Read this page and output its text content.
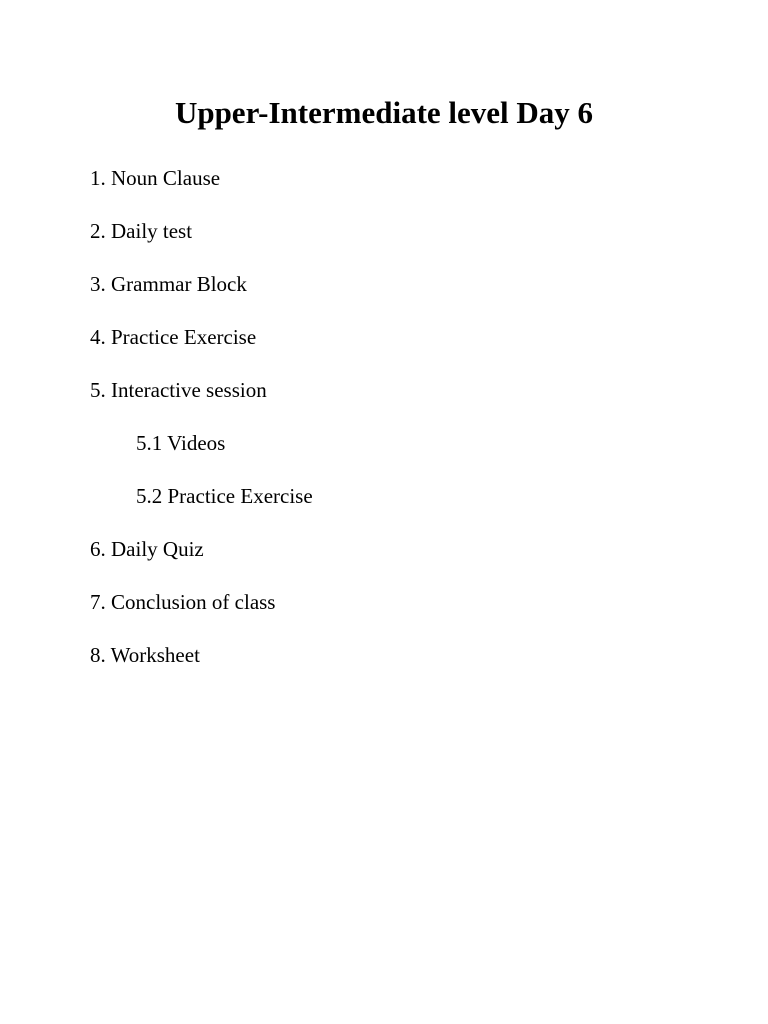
Upper-Intermediate level Day 6
1. Noun Clause
2. Daily test
3. Grammar Block
4. Practice Exercise
5. Interactive session
5.1 Videos
5.2 Practice Exercise
6. Daily Quiz
7. Conclusion of class
8. Worksheet
